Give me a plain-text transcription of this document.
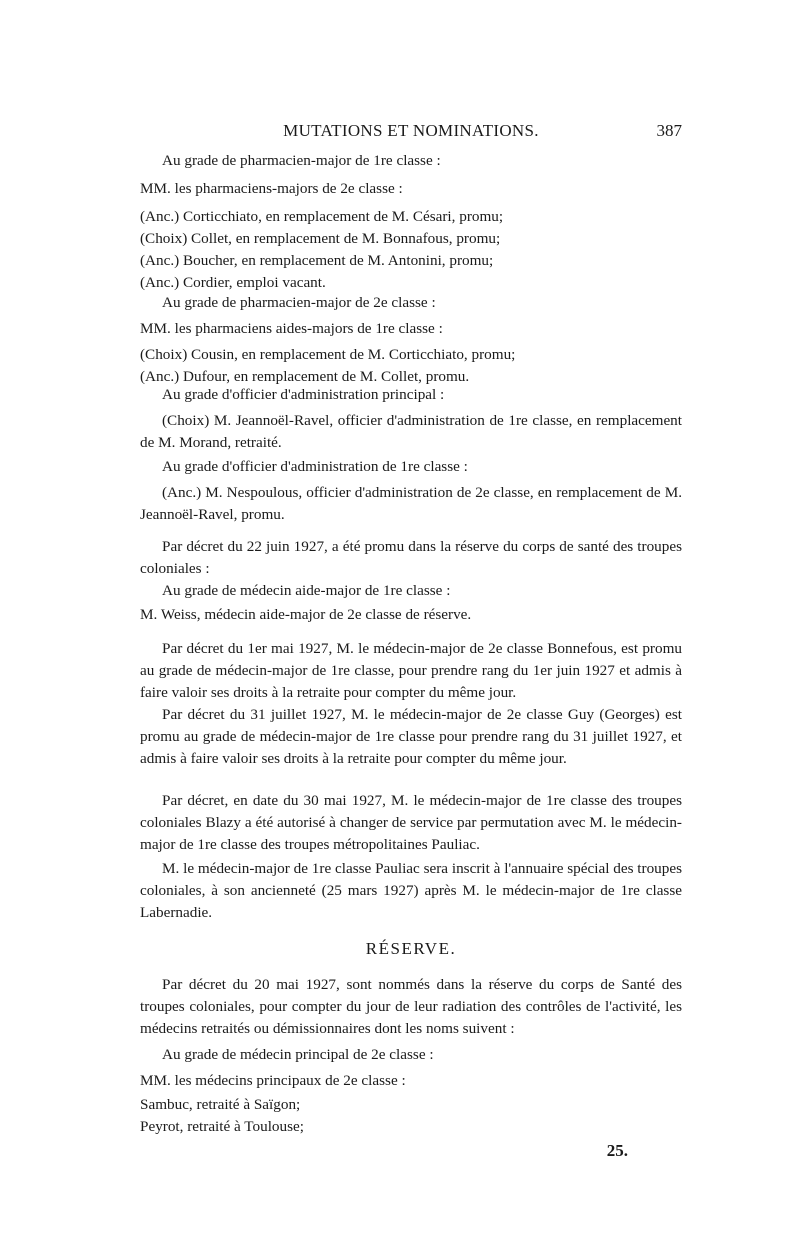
MUTATIONS ET NOMINATIONS.	387

Au grade de pharmacien-major de 1re classe :

MM. les pharmaciens-majors de 2e classe :

(Anc.) Corticchiato, en remplacement de M. Césari, promu;
(Choix) Collet, en remplacement de M. Bonnafous, promu;
(Anc.) Boucher, en remplacement de M. Antonini, promu;
(Anc.) Cordier, emploi vacant.

Au grade de pharmacien-major de 2e classe :

MM. les pharmaciens aides-majors de 1re classe :

(Choix) Cousin, en remplacement de M. Corticchiato, promu;
(Anc.) Dufour, en remplacement de M. Collet, promu.

Au grade d'officier d'administration principal :

(Choix) M. Jeannoël-Ravel, officier d'administration de 1re classe, en remplacement de M. Morand, retraité.

Au grade d'officier d'administration de 1re classe :

(Anc.) M. Nespoulous, officier d'administration de 2e classe, en remplacement de M. Jeannoël-Ravel, promu.

Par décret du 22 juin 1927, a été promu dans la réserve du corps de santé des troupes coloniales :

Au grade de médecin aide-major de 1re classe :

M. Weiss, médecin aide-major de 2e classe de réserve.

Par décret du 1er mai 1927, M. le médecin-major de 2e classe Bonnefous, est promu au grade de médecin-major de 1re classe, pour prendre rang du 1er juin 1927 et admis à faire valoir ses droits à la retraite pour compter du même jour.

Par décret du 31 juillet 1927, M. le médecin-major de 2e classe Guy (Georges) est promu au grade de médecin-major de 1re classe pour prendre rang du 31 juillet 1927, et admis à faire valoir ses droits à la retraite pour compter du même jour.

Par décret, en date du 30 mai 1927, M. le médecin-major de 1re classe des troupes coloniales Blazy a été autorisé à changer de service par permutation avec M. le médecin-major de 1re classe des troupes métropolitaines Pauliac.

M. le médecin-major de 1re classe Pauliac sera inscrit à l'annuaire spécial des troupes coloniales, à son ancienneté (25 mars 1927) après M. le médecin-major de 1re classe Labernadie.

RÉSERVE.

Par décret du 20 mai 1927, sont nommés dans la réserve du corps de Santé des troupes coloniales, pour compter du jour de leur radiation des contrôles de l'activité, les médecins retraités ou démissionnaires dont les noms suivent :

Au grade de médecin principal de 2e classe :

MM. les médecins principaux de 2e classe :

Sambuc, retraité à Saïgon;
Peyrot, retraité à Toulouse;
25.
